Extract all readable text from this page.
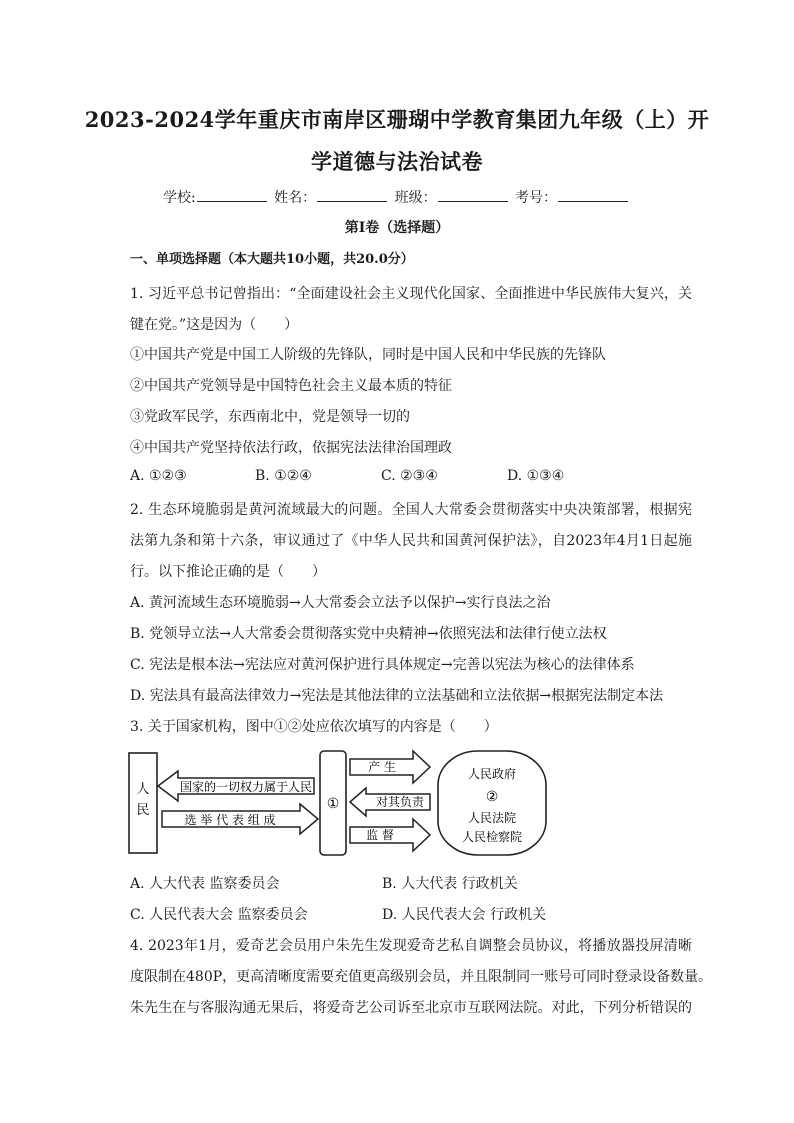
2023-2024学年重庆市南岸区珊瑚中学教育集团九年级（上）开
学道德与法治试卷
学校:	姓名：	班级：	考号：
第I卷（选择题）
一、单项选择题（本大题共10小题，共20.0分）
1. 习近平总书记曾指出：“全面建设社会主义现代化国家、全面推进中华民族伟大复兴，关
键在党。”这是因为（　　）
①中国共产党是中国工人阶级的先锋队，同时是中国人民和中华民族的先锋队
②中国共产党领导是中国特色社会主义最本质的特征
③党政军民学，东西南北中，党是领导一切的
④中国共产党坚持依法行政，依据宪法法律治国理政
A. ①②③	B. ①②④	C. ②③④	D. ①③④
2. 生态环境脆弱是黄河流域最大的问题。全国人大常委会贯彻落实中央决策部署，根据宪
法第九条和第十六条，审议通过了《中华人民共和国黄河保护法》，自2023年4月1日起施
行。以下推论正确的是（　　）
A. 黄河流域生态环境脆弱→人大常委会立法予以保护→实行良法之治
B. 党领导立法→人大常委会贯彻落实党中央精神→依照宪法和法律行使立法权
C. 宪法是根本法→宪法应对黄河保护进行具体规定→完善以宪法为核心的法律体系
D. 宪法具有最高法律效力→宪法是其他法律的立法基础和立法依据→根据宪法制定本法
3. 关于国家机构，图中①②处应依次填写的内容是（　　）
人
民
国家的一切权力属于人民
选 举 代 表 组 成
①
产 生
对其负责
监 督
人民政府
②
人民法院
人民检察院
A. 人大代表 监察委员会	B. 人大代表 行政机关
C. 人民代表大会 监察委员会	D. 人民代表大会 行政机关
4. 2023年1月，爱奇艺会员用户朱先生发现爱奇艺私自调整会员协议，将播放器投屏清晰
度限制在480P，更高清晰度需要充值更高级别会员，并且限制同一账号可同时登录设备数量。
朱先生在与客服沟通无果后，将爱奇艺公司诉至北京市互联网法院。对此，下列分析错误的
